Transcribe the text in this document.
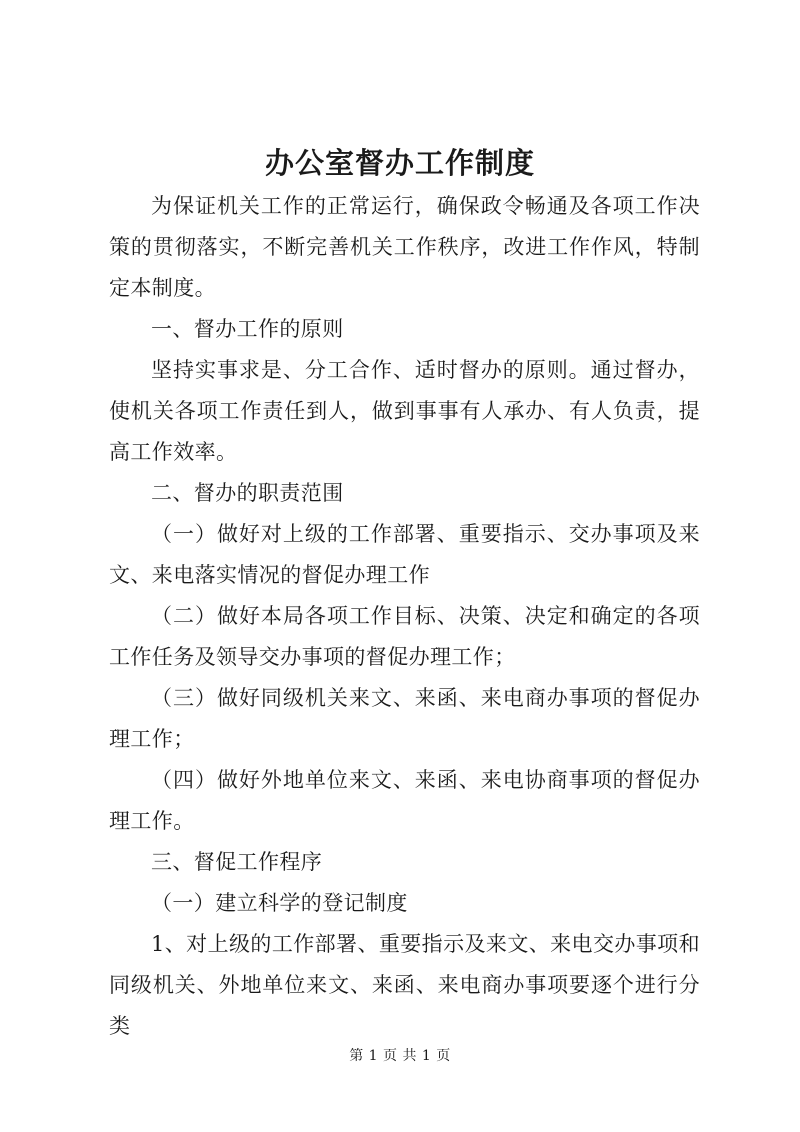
办公室督办工作制度

为保证机关工作的正常运行，确保政令畅通及各项工作决策的贯彻落实，不断完善机关工作秩序，改进工作作风，特制定本制度。

一、督办工作的原则

坚持实事求是、分工合作、适时督办的原则。通过督办，使机关各项工作责任到人，做到事事有人承办、有人负责，提高工作效率。

二、督办的职责范围

（一）做好对上级的工作部署、重要指示、交办事项及来文、来电落实情况的督促办理工作

（二）做好本局各项工作目标、决策、决定和确定的各项工作任务及领导交办事项的督促办理工作；

（三）做好同级机关来文、来函、来电商办事项的督促办理工作；

（四）做好外地单位来文、来函、来电协商事项的督促办理工作。

三、督促工作程序

（一）建立科学的登记制度

1、对上级的工作部署、重要指示及来文、来电交办事项和同级机关、外地单位来文、来函、来电商办事项要逐个进行分类

第 1 页 共 1 页
